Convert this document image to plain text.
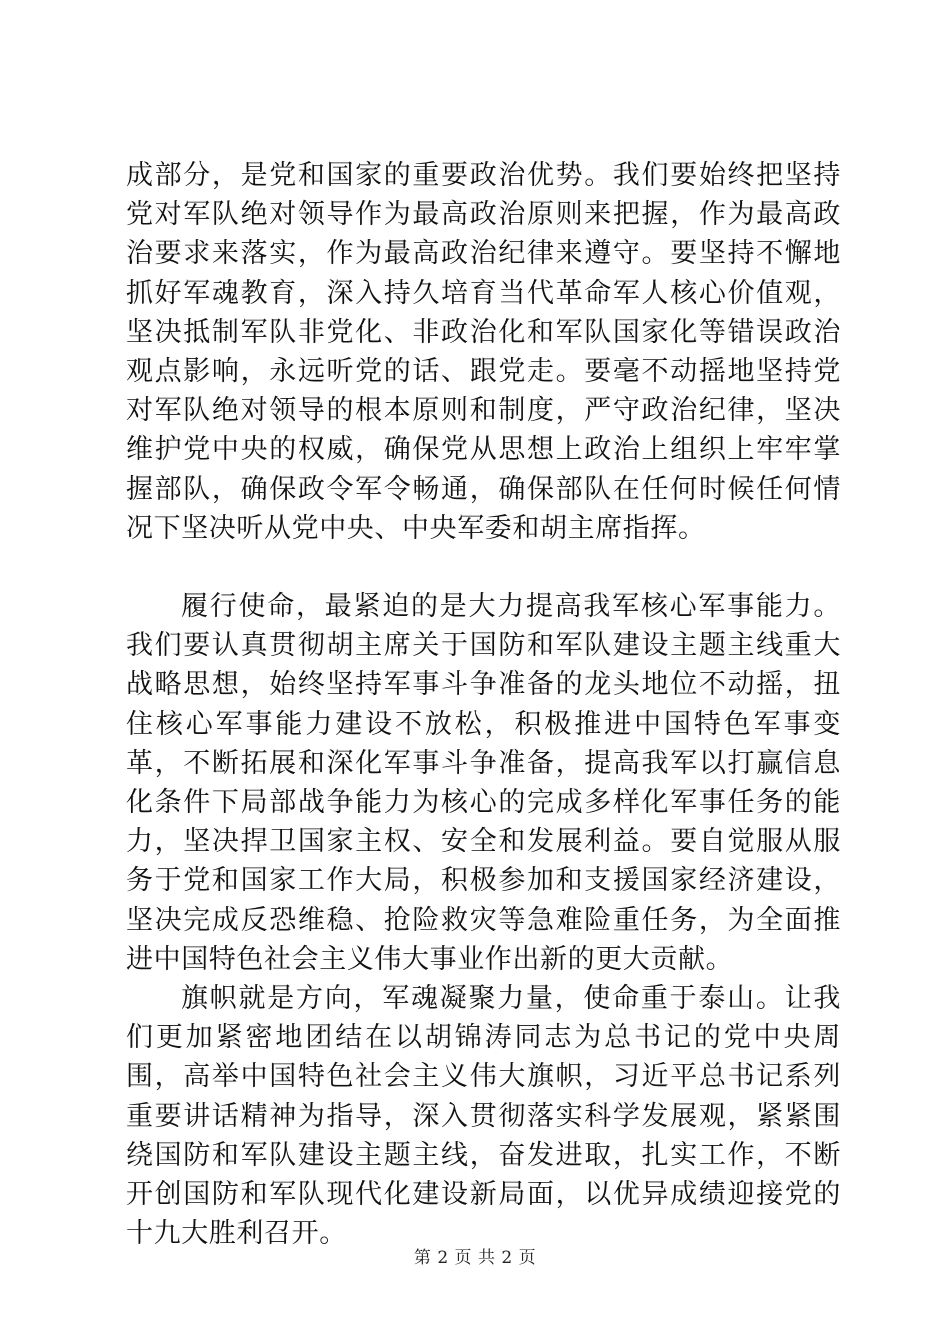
成部分，是党和国家的重要政治优势。我们要始终把坚持党对军队绝对领导作为最高政治原则来把握，作为最高政治要求来落实，作为最高政治纪律来遵守。要坚持不懈地抓好军魂教育，深入持久培育当代革命军人核心价值观，坚决抵制军队非党化、非政治化和军队国家化等错误政治观点影响，永远听党的话、跟党走。要毫不动摇地坚持党对军队绝对领导的根本原则和制度，严守政治纪律，坚决维护党中央的权威，确保党从思想上政治上组织上牢牢掌握部队，确保政令军令畅通，确保部队在任何时候任何情况下坚决听从党中央、中央军委和胡主席指挥。

履行使命，最紧迫的是大力提高我军核心军事能力。我们要认真贯彻胡主席关于国防和军队建设主题主线重大战略思想，始终坚持军事斗争准备的龙头地位不动摇，扭住核心军事能力建设不放松，积极推进中国特色军事变革，不断拓展和深化军事斗争准备，提高我军以打赢信息化条件下局部战争能力为核心的完成多样化军事任务的能力，坚决捍卫国家主权、安全和发展利益。要自觉服从服务于党和国家工作大局，积极参加和支援国家经济建设，坚决完成反恐维稳、抢险救灾等急难险重任务，为全面推进中国特色社会主义伟大事业作出新的更大贡献。

旗帜就是方向，军魂凝聚力量，使命重于泰山。让我们更加紧密地团结在以胡锦涛同志为总书记的党中央周围，高举中国特色社会主义伟大旗帜，习近平总书记系列重要讲话精神为指导，深入贯彻落实科学发展观，紧紧围绕国防和军队建设主题主线，奋发进取，扎实工作，不断开创国防和军队现代化建设新局面，以优异成绩迎接党的十九大胜利召开。

第 2 页 共 2 页
